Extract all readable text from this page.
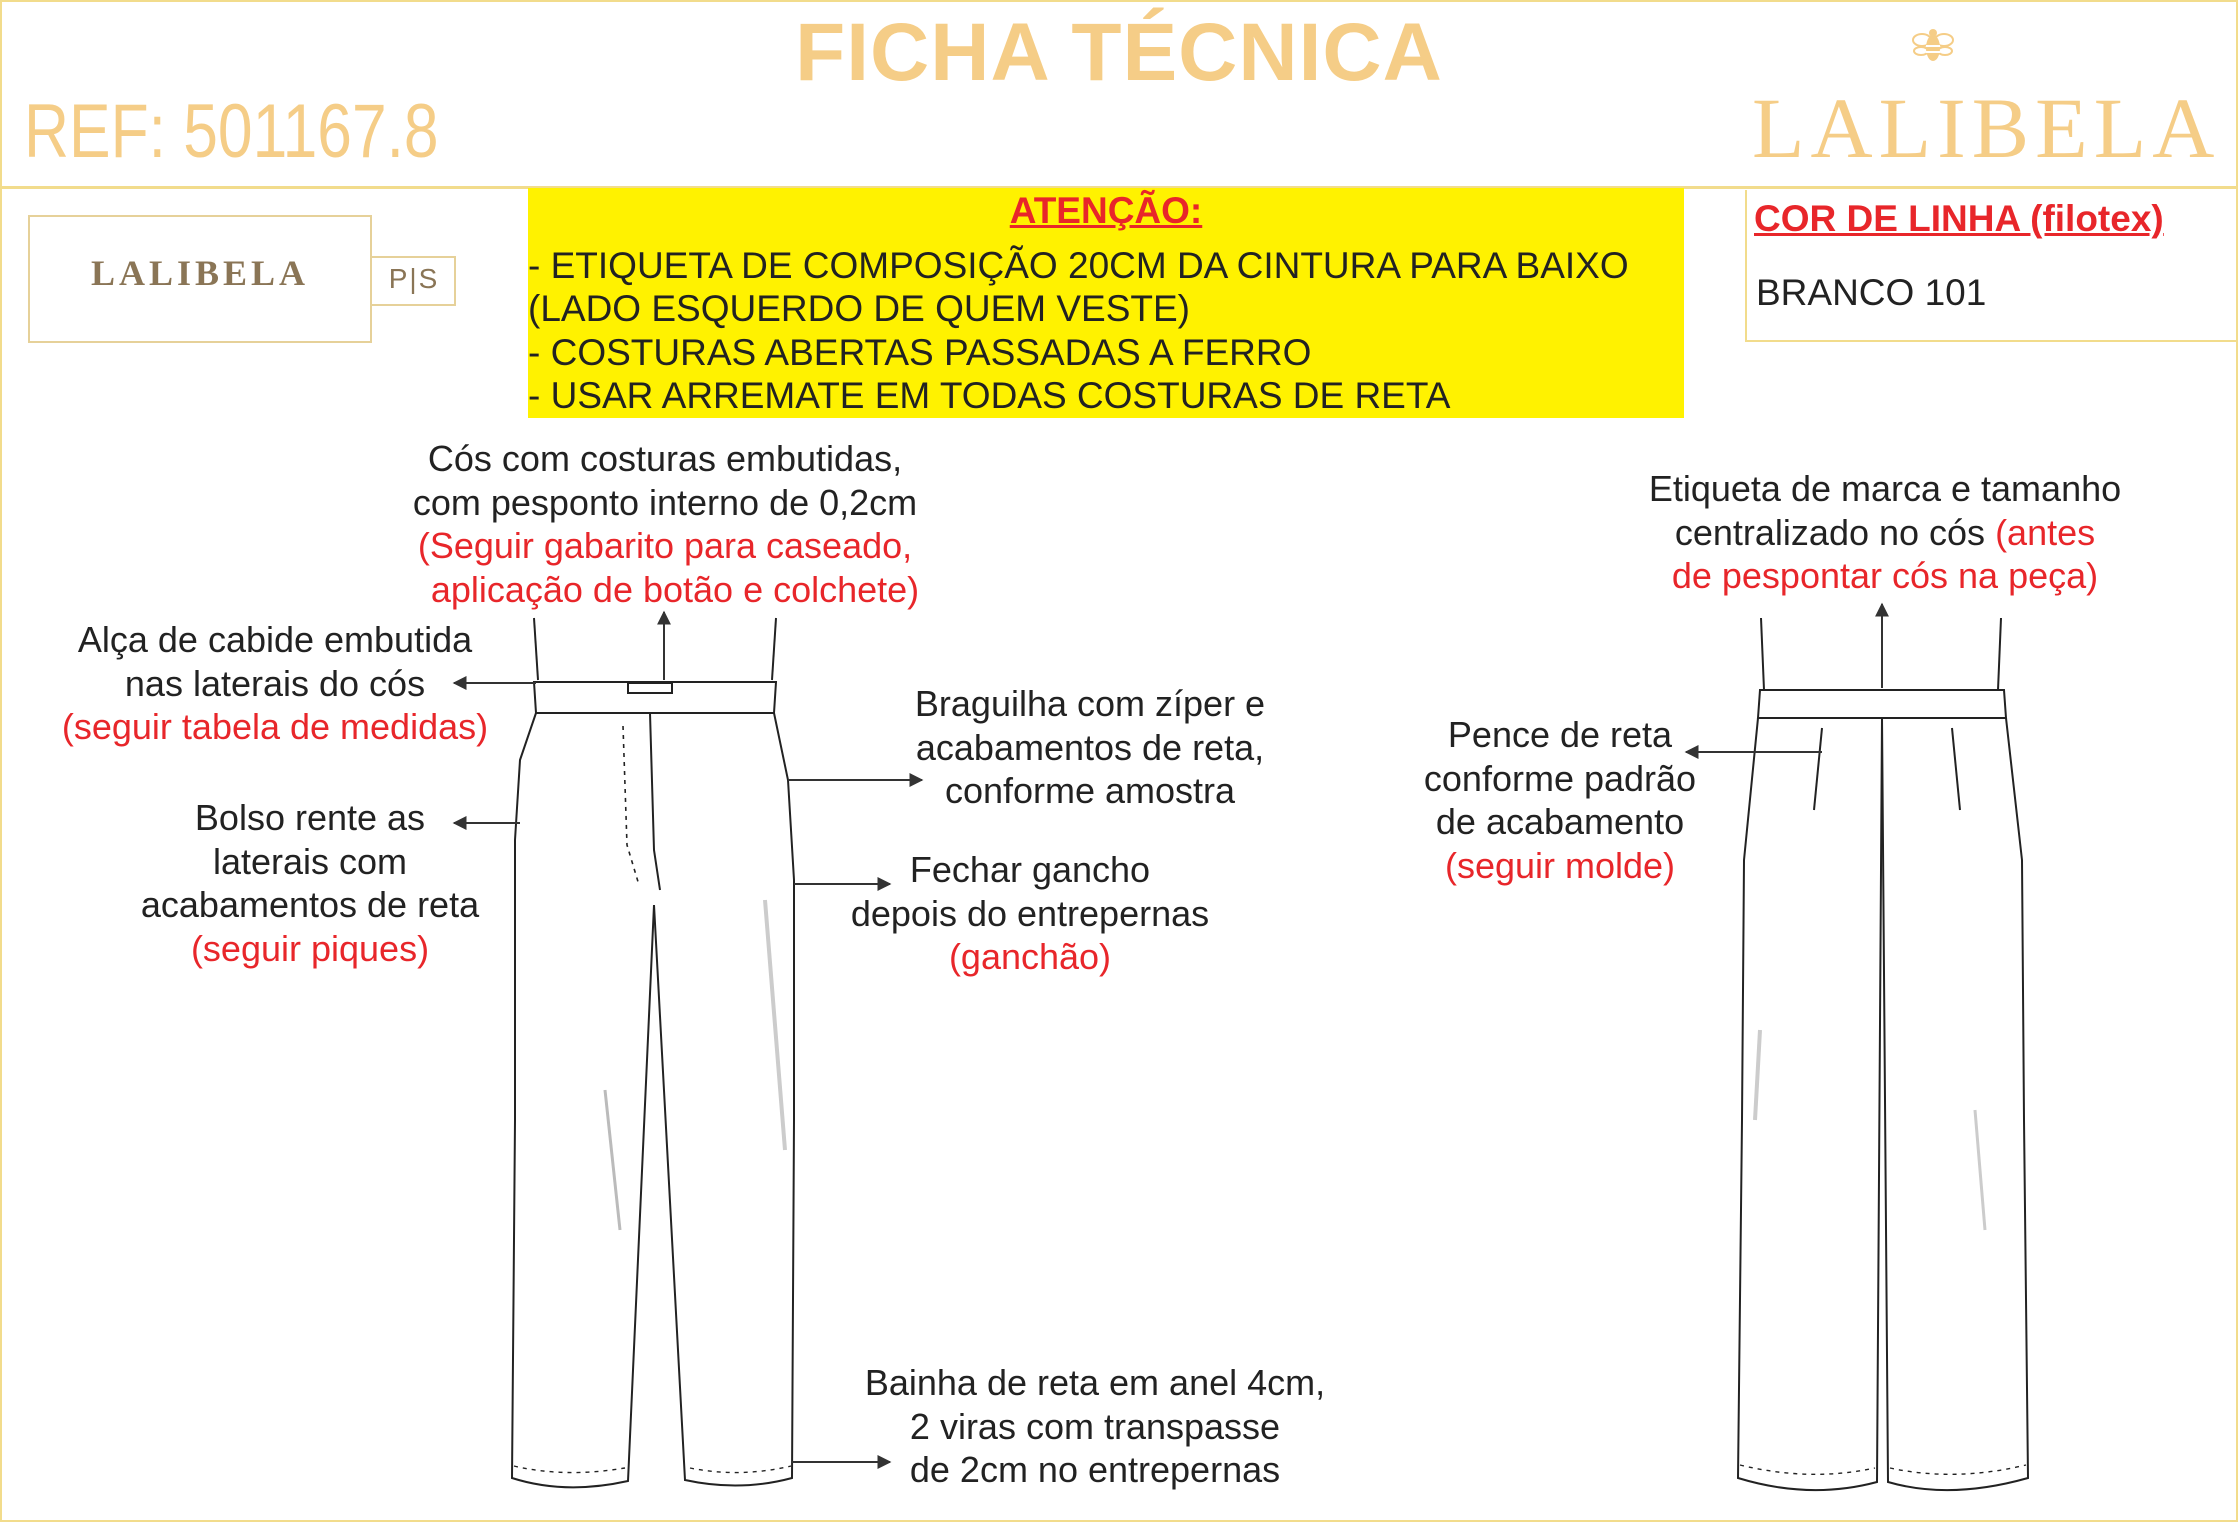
FICHA TÉCNICA
REF: 501167.8	LALIBELA
LALIBELA	P|S
ATENÇÃO:
- ETIQUETA DE COMPOSIÇÃO 20CM DA CINTURA PARA BAIXO
(LADO ESQUERDO DE QUEM VESTE)
- COSTURAS ABERTAS PASSADAS A FERRO
- USAR ARREMATE EM TODAS COSTURAS DE RETA
COR DE LINHA (filotex)
BRANCO 101
Cós com costuras embutidas,
com pesponto interno de 0,2cm
(Seguir gabarito para caseado,
aplicação de botão e colchete)
Alça de cabide embutida
nas laterais do cós
(seguir tabela de medidas)
Bolso rente as
laterais com
acabamentos de reta
(seguir piques)
Braguilha com zíper e
acabamentos de reta,
conforme amostra
Fechar gancho
depois do entrepernas
(ganchão)
Bainha de reta em anel 4cm,
2 viras com transpasse
de 2cm no entrepernas
Etiqueta de marca e tamanho
centralizado no cós (antes
de pespontar cós na peça)
Pence de reta
conforme padrão
de acabamento
(seguir molde)
